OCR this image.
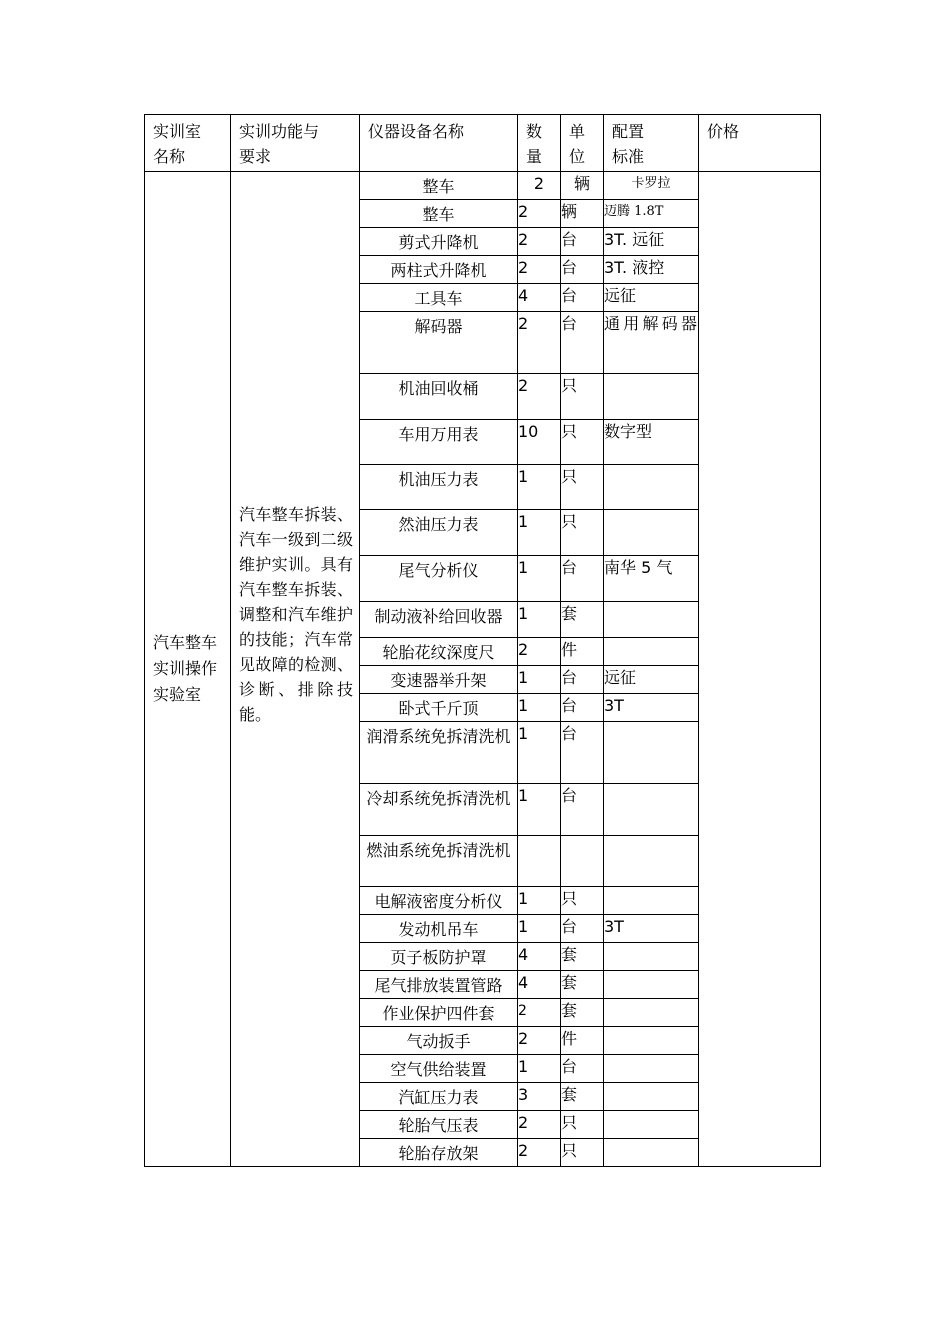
实训室名称	实训功能与要求	仪器设备名称	数量	单位	配置标准	价格

汽车整车实训操作实验室	汽车整车拆装、汽车一级到二级维护实训。具有汽车整车拆装、调整和汽车维护的技能；汽车常见故障的检测、诊断、排除技能。	整车	2	辆	卡罗拉	
		整车	2	辆	迈腾 1.8T	
		剪式升降机	2	台	3T. 远征	
		两柱式升降机	2	台	3T. 液控	
		工具车	4	台	远征	
		解码器	2	台	通用解码器	
		机油回收桶	2	只		
		车用万用表	10	只	数字型	
		机油压力表	1	只		
		然油压力表	1	只		
		尾气分析仪	1	台	南华 5 气	
		制动液补给回收器	1	套		
		轮胎花纹深度尺	2	件		
		变速器举升架	1	台	远征	
		卧式千斤顶	1	台	3T	
		润滑系统免拆清洗机	1	台		
		冷却系统免拆清洗机	1	台		
		燃油系统免拆清洗机				
		电解液密度分析仪	1	只		
		发动机吊车	1	台	3T	
		页子板防护罩	4	套		
		尾气排放装置管路	4	套		
		作业保护四件套	2	套		
		气动扳手	2	件		
		空气供给装置	1	台		
		汽缸压力表	3	套		
		轮胎气压表	2	只		
		轮胎存放架	2	只		
